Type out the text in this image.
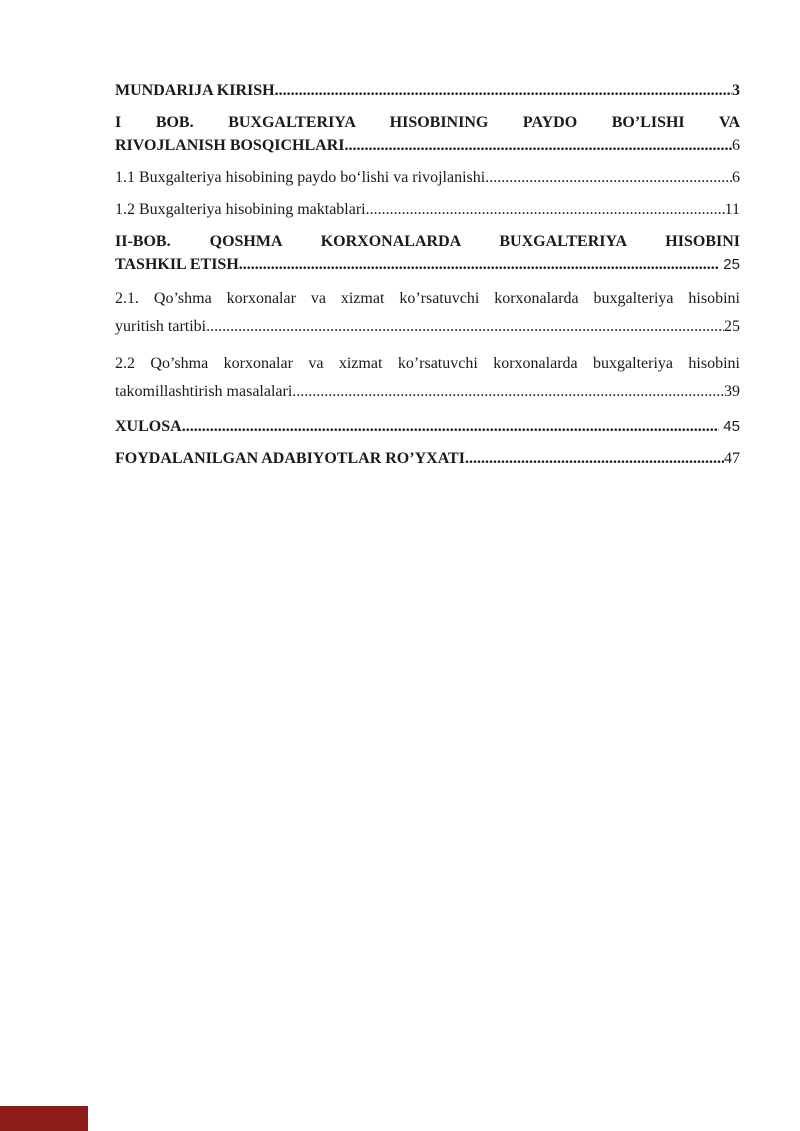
MUNDARIJA KIRISH .....	3
I BOB. BUXGALTERIYA HISOBINING PAYDO BO’LISHI VA
RIVOJLANISH BOSQICHLARI .....	6
1.1 Buxgalteriya hisobining paydo bo‘lishi va rivojlanishi .....	6
1.2 Buxgalteriya hisobining maktablari .....	11
II-BOB. QOSHMA KORXONALARDA BUXGALTERIYA HISOBINI
TASHKIL ETISH .....	25
2.1. Qo’shma korxonalar va xizmat ko’rsatuvchi korxonalarda buxgalteriya hisobini
yuritish tartibi .....	25
2.2 Qo’shma korxonalar va xizmat ko’rsatuvchi korxonalarda buxgalteriya hisobini
takomillashtirish masalalari .....	39
XULOSA .....	45
FOYDALANILGAN ADABIYOTLAR RO’YXATI .....	47
